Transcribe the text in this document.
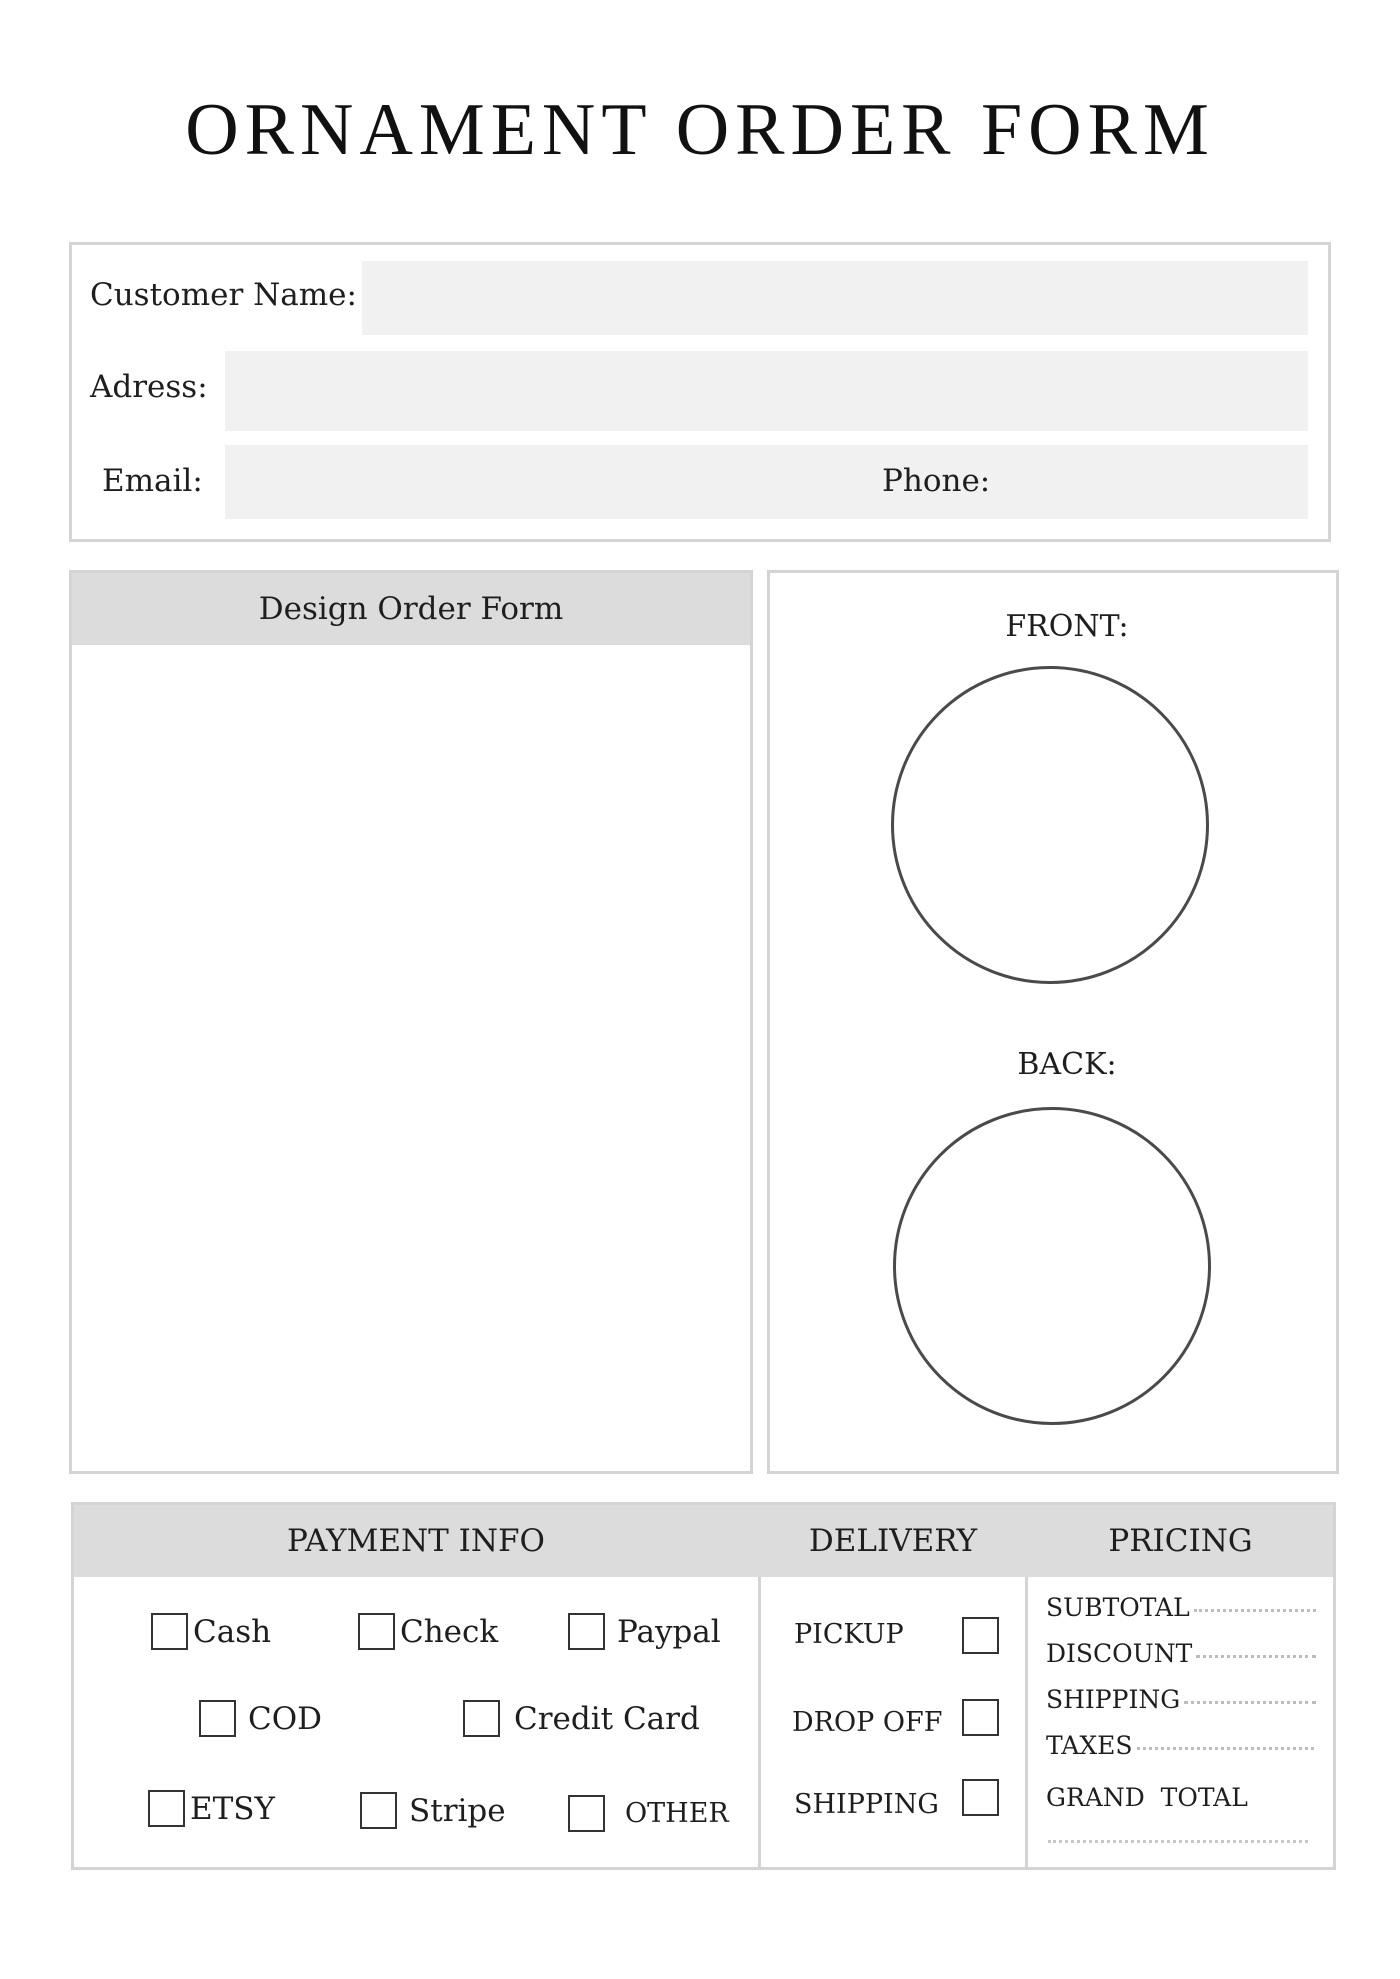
ORNAMENT ORDER FORM
Customer Name:
Adress:
Email:	Phone:
Design Order Form	FRONT:
BACK:
PAYMENT INFO	DELIVERY	PRICING
Cash	Check	Paypal
COD	Credit Card
ETSY	Stripe	OTHER
PICKUP
DROP OFF
SHIPPING
SUBTOTAL
DISCOUNT
SHIPPING
TAXES
GRAND  TOTAL
